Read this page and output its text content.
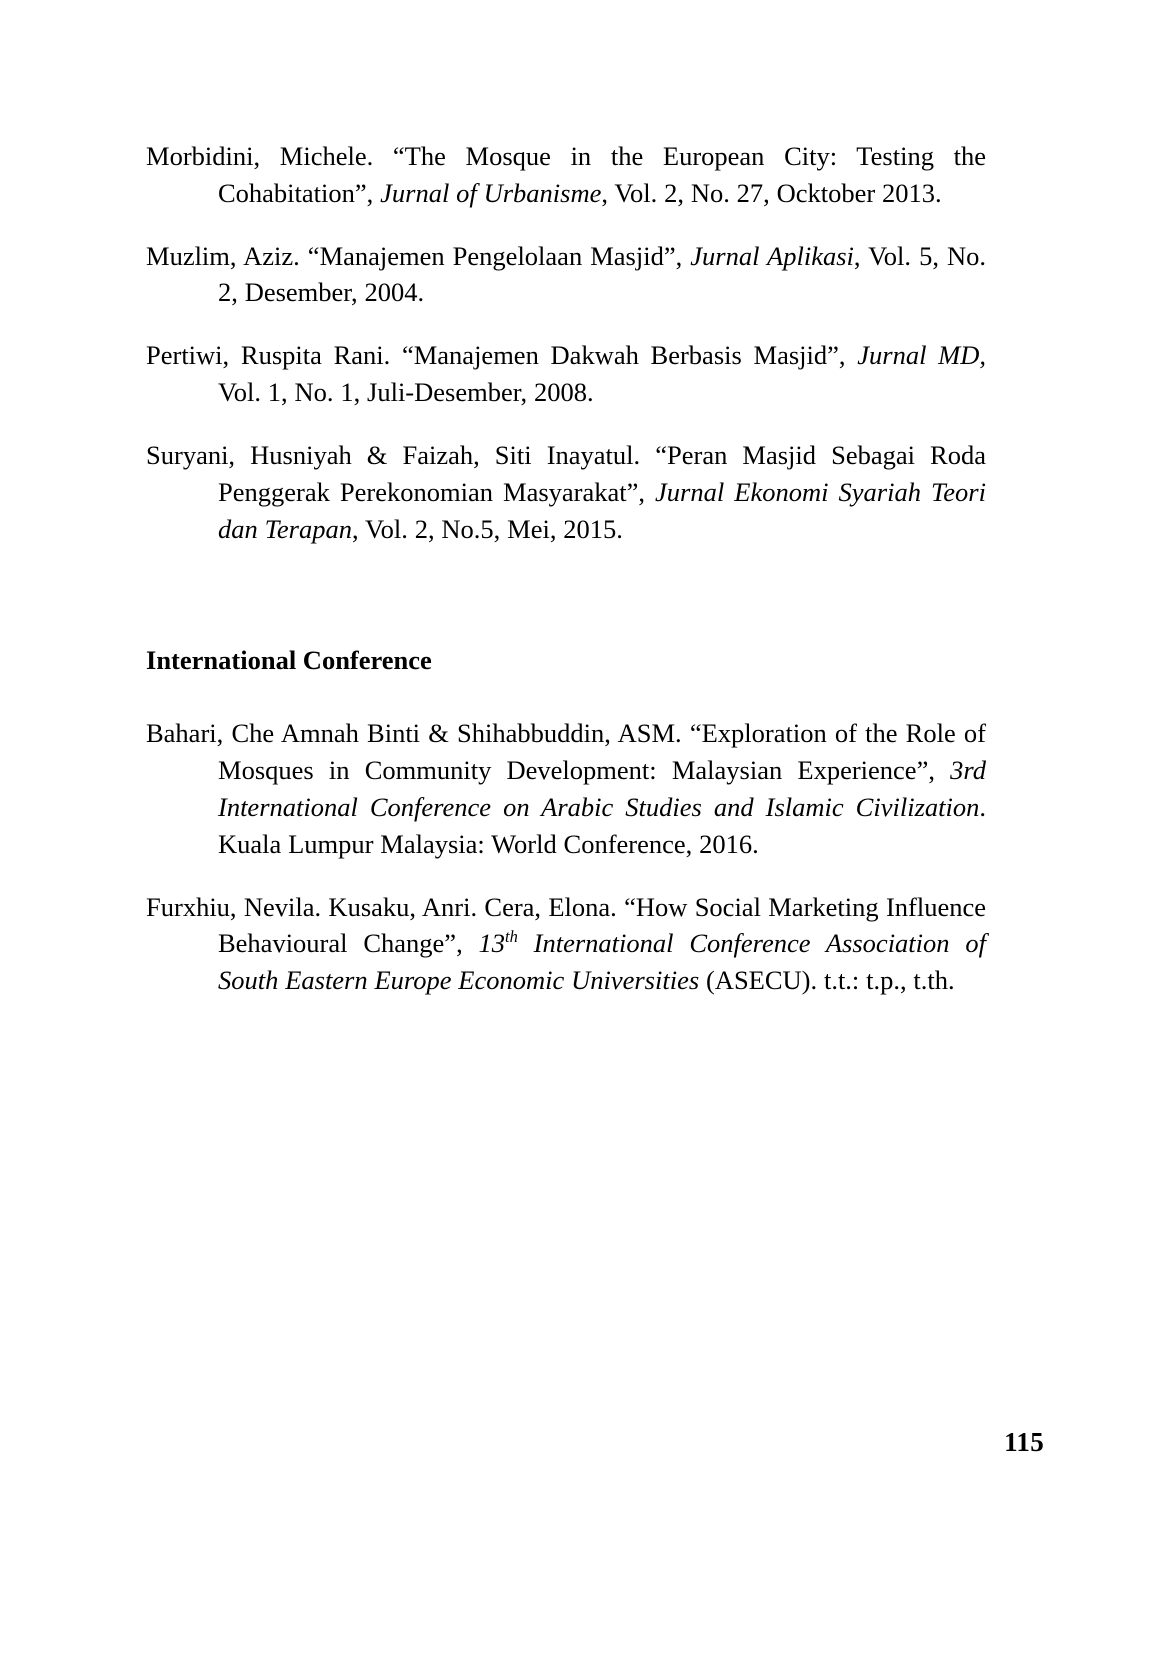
Morbidini, Michele. “The Mosque in the European City: Testing the Cohabitation”, Jurnal of Urbanisme, Vol. 2, No. 27, Ocktober 2013.

Muzlim, Aziz. “Manajemen Pengelolaan Masjid”, Jurnal Aplikasi, Vol. 5, No. 2, Desember, 2004.

Pertiwi, Ruspita Rani. “Manajemen Dakwah Berbasis Masjid”, Jurnal MD, Vol. 1, No. 1, Juli-Desember, 2008.

Suryani, Husniyah & Faizah, Siti Inayatul. “Peran Masjid Sebagai Roda Penggerak Perekonomian Masyarakat”, Jurnal Ekonomi Syariah Teori dan Terapan, Vol. 2, No.5, Mei, 2015.

International Conference

Bahari, Che Amnah Binti & Shihabbuddin, ASM. “Exploration of the Role of Mosques in Community Development: Malaysian Experience”, 3rd International Conference on Arabic Studies and Islamic Civilization. Kuala Lumpur Malaysia: World Conference, 2016.

Furxhiu, Nevila. Kusaku, Anri. Cera, Elona. “How Social Marketing Influence Behavioural Change”, 13th International Conference Association of South Eastern Europe Economic Universities (ASECU). t.t.: t.p., t.th.

115
